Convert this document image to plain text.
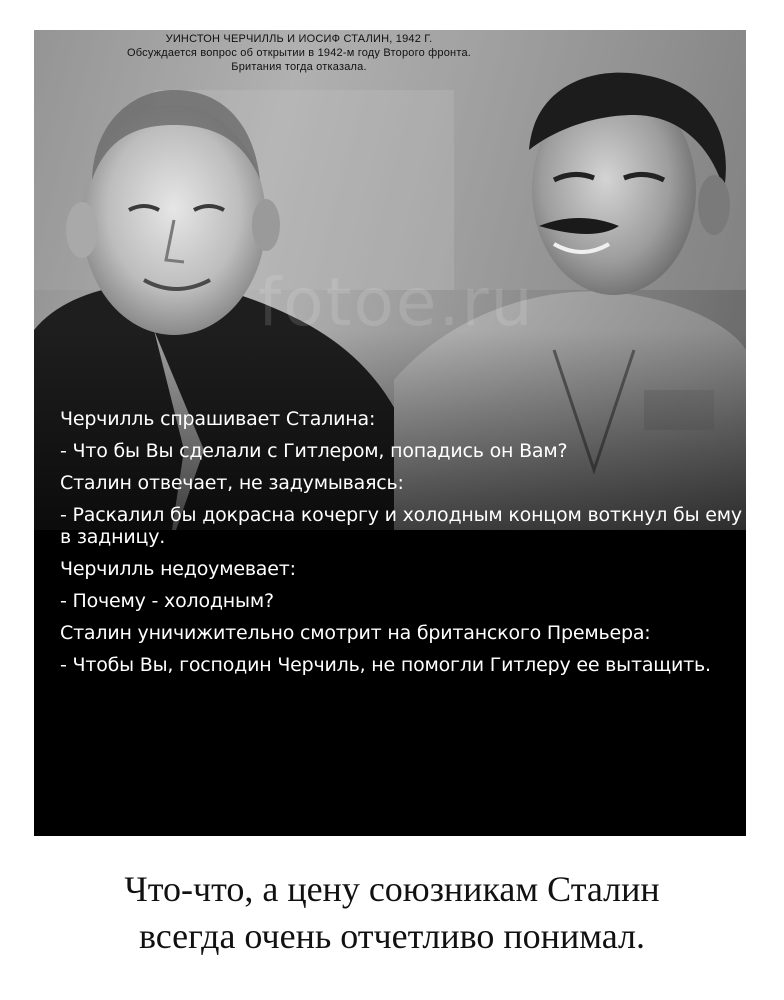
УИНСТОН ЧЕРЧИЛЛЬ И ИОСИФ СТАЛИН, 1942 Г.
Обсуждается вопрос об открытии в 1942-м году Второго фронта.
Британия тогда отказала.
fotoe.ru

Черчилль спрашивает Сталина:

- Что бы Вы сделали с Гитлером, попадись он Вам?

Сталин отвечает, не задумываясь:

- Раскалил бы докрасна кочергу и холодным концом воткнул бы ему в задницу.

Черчилль недоумевает:

- Почему - холодным?

Сталин уничижительно смотрит на британского Премьера:

- Чтобы Вы, господин Черчиль, не помогли Гитлеру ее вытащить.

Что-что, а цену союзникам Сталин
всегда очень отчетливо понимал.
